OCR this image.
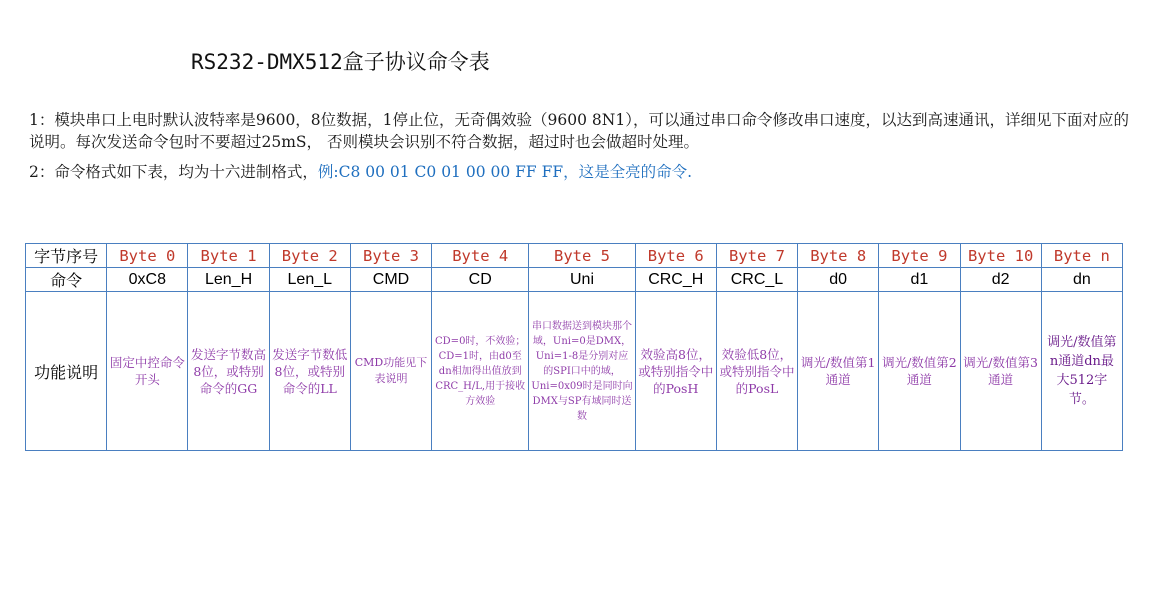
RS232-DMX512盒子协议命令表
1：模块串口上电时默认波特率是9600，8位数据，1停止位，无奇偶效验（9600 8N1），可以通过串口命令修改串口速度，以达到高速通讯，详细见下面对应的说明。每次发送命令包时不要超过25mS， 否则模块会识别不符合数据，超过时也会做超时处理。
2：命令格式如下表，均为十六进制格式，例:C8 00 01 C0 01 00 00 FF FF，这是全亮的命令.
字节序号	Byte 0	Byte 1	Byte 2	Byte 3	Byte 4	Byte 5	Byte 6	Byte 7	Byte 8	Byte 9	Byte 10	Byte n
命令	0xC8	Len_H	Len_L	CMD	CD	Uni	CRC_H	CRC_L	d0	d1	d2	dn
功能说明	固定中控命令开头	发送字节数高8位，或特别命令的GG	发送字节数低8位，或特别命令的LL	CMD功能见下表说明	CD=0时，不效验；CD=1时，由d0至dn相加得出值放到CRC_H/L,用于接收方效验	串口数据送到模块那个域，Uni=0是DMX， Uni=1-8是分别对应的SPI口中的域，Uni=0x09时是同时向DMX与SP有域同时送数	效验高8位， 或特别指令中的PosH	效验低8位， 或特别指令中的PosL	调光/数值第1通道	调光/数值第2通道	调光/数值第3通道	调光/数值第n通道dn最大512字节。
